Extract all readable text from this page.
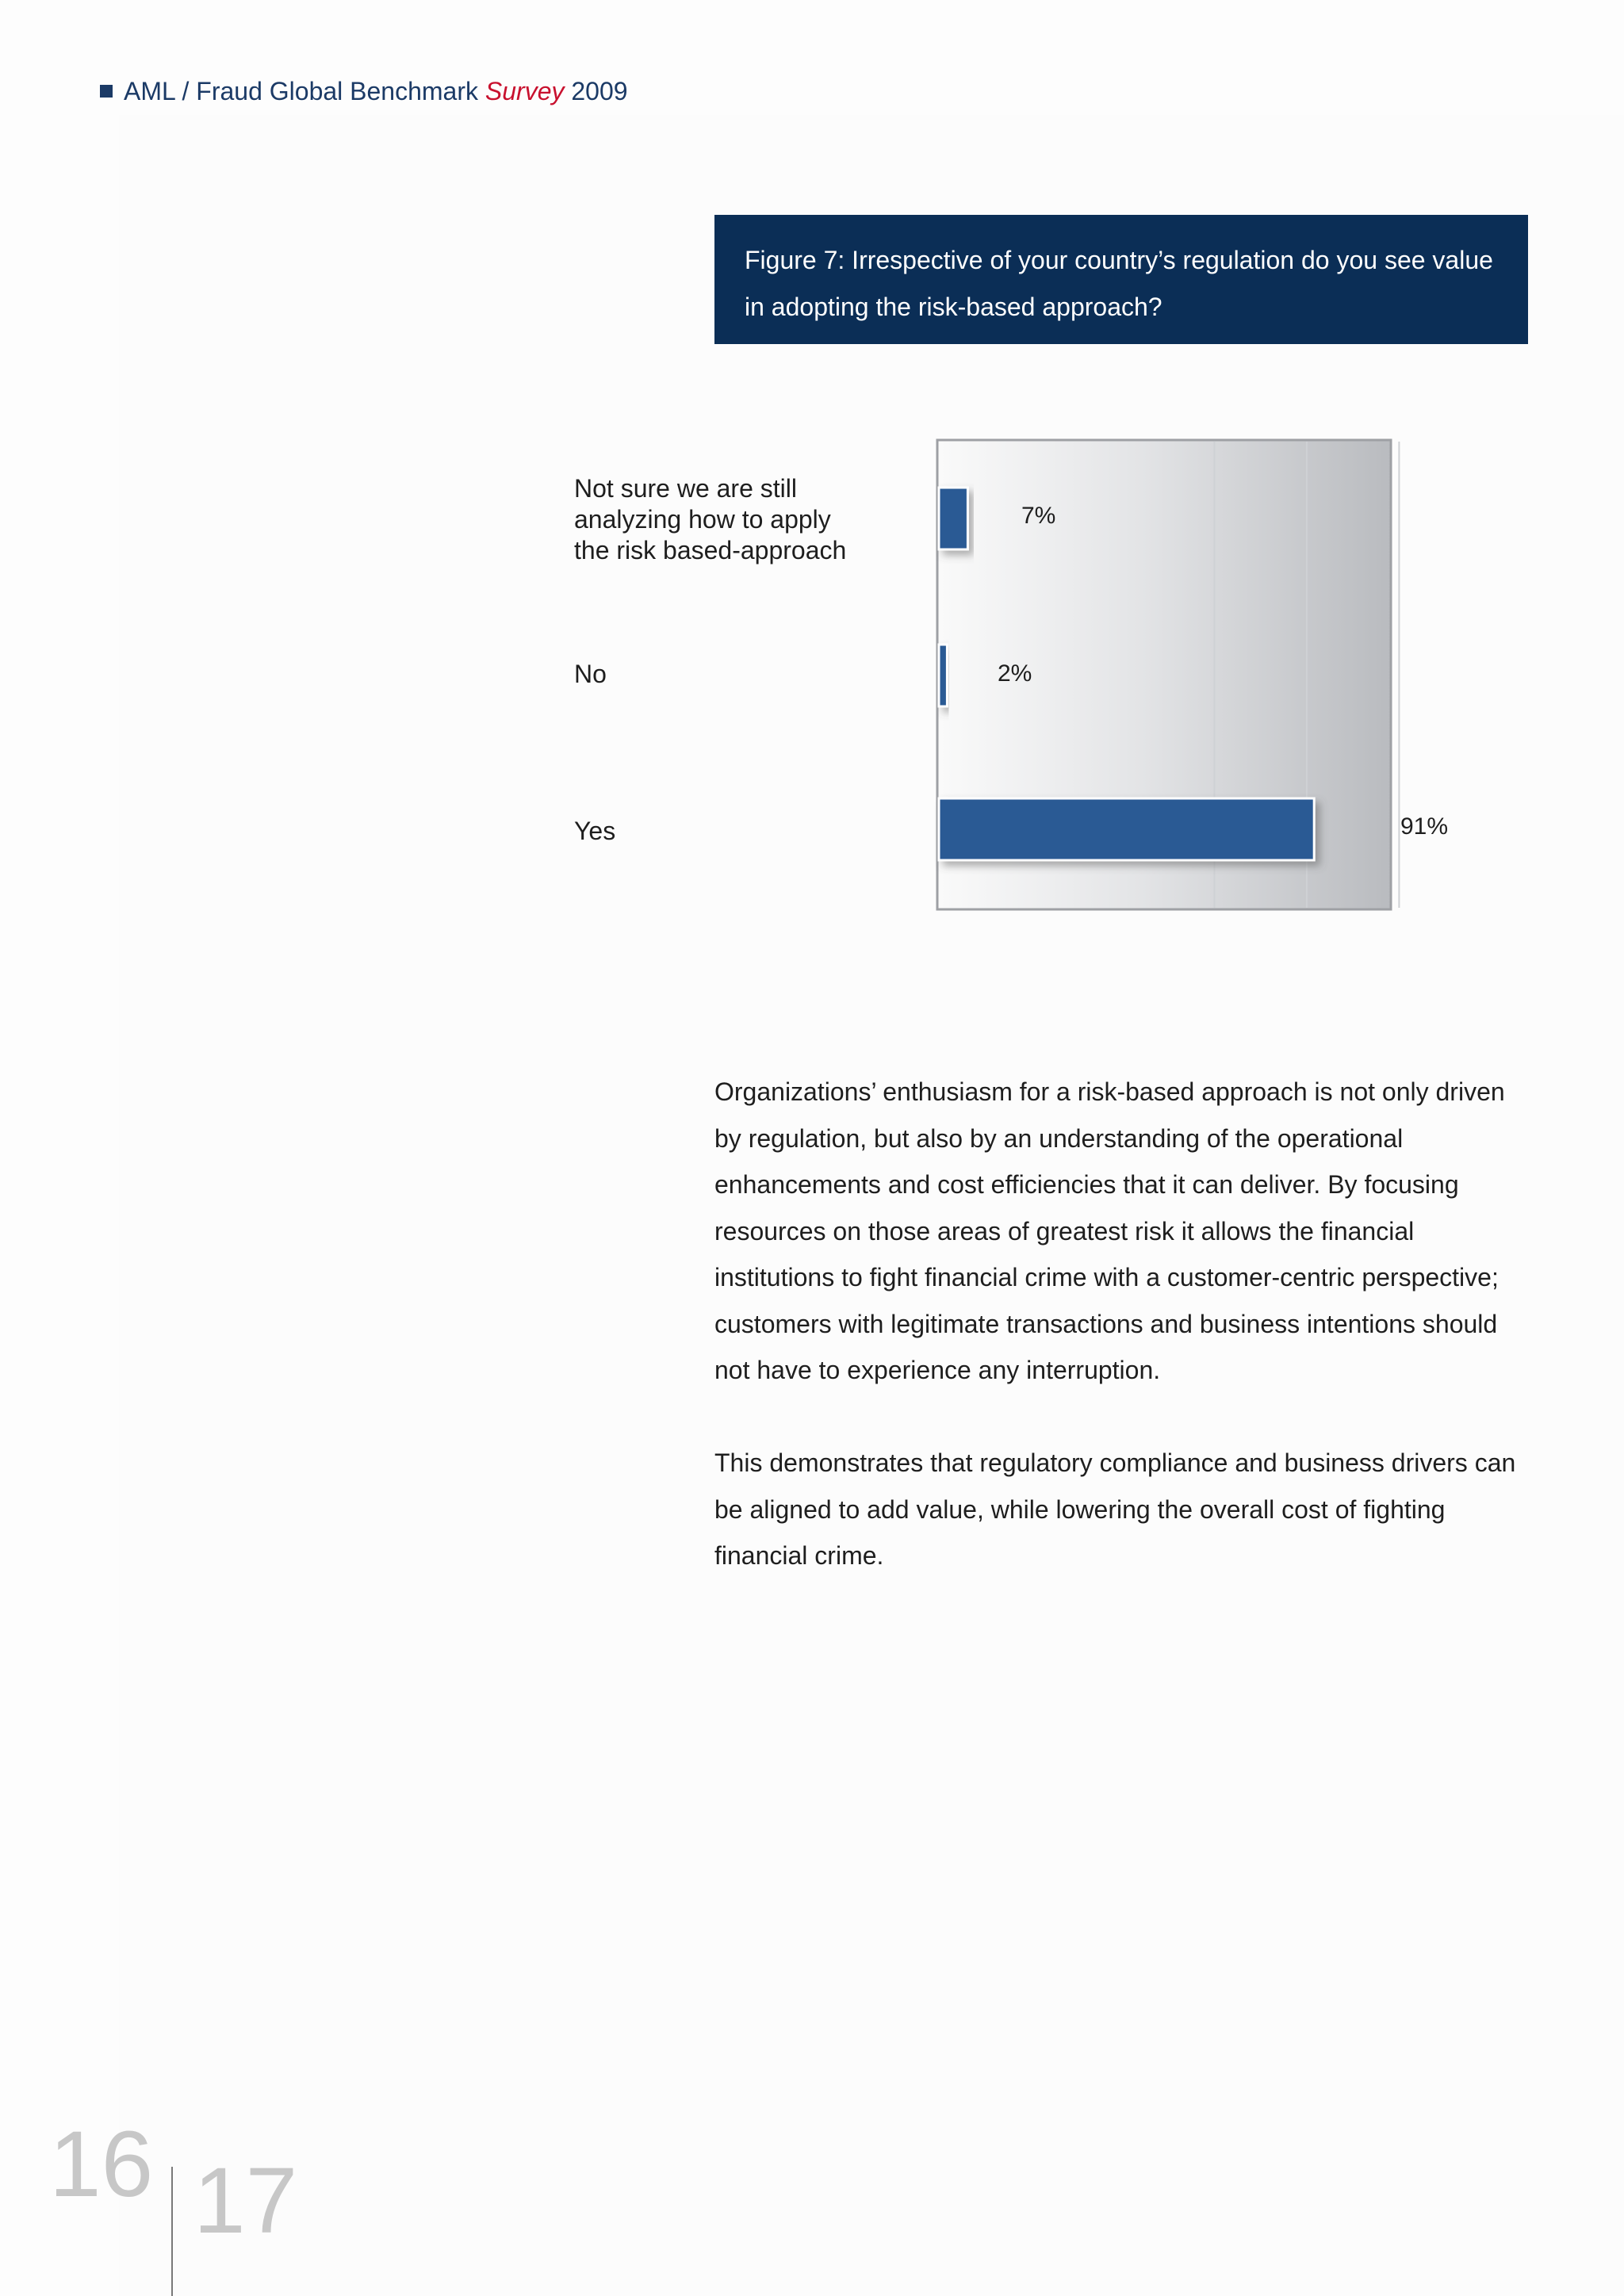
AML / Fraud Global Benchmark Survey 2009
Figure 7: Irrespective of your country’s regulation do you see value in adopting the risk-based approach?
Not sure we are still
analyzing how to apply
the risk based-approach
No
Yes
7%
2%
91%
Organizations’ enthusiasm for a risk-based approach is not only driven by regulation, but also by an understanding of the operational enhancements and cost efficiencies that it can deliver. By focusing resources on those areas of greatest risk it allows the financial institutions to fight financial crime with a customer-centric perspective; customers with legitimate transactions and business intentions should not have to experience any interruption.
This demonstrates that regulatory compliance and business drivers can be aligned to add value, while lowering the overall cost of fighting financial crime.
16 17
